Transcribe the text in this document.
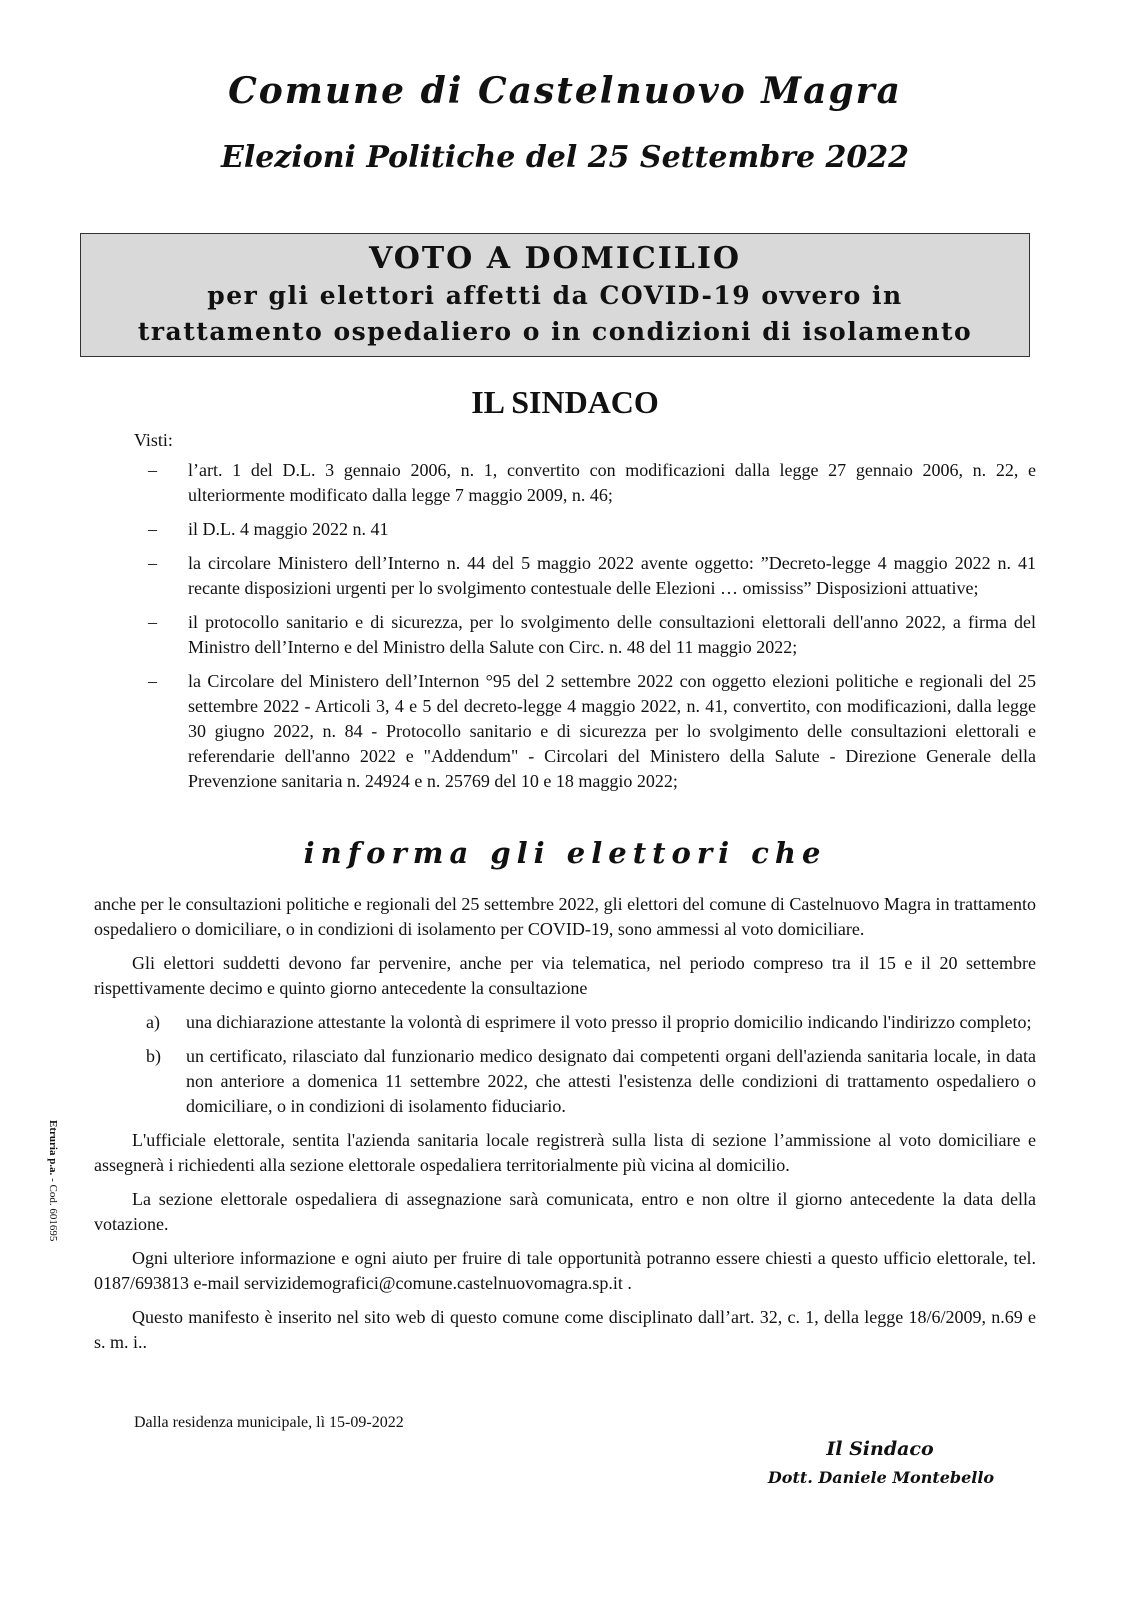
Comune di Castelnuovo Magra
Elezioni Politiche del 25 Settembre 2022
VOTO A DOMICILIO
per gli elettori affetti da COVID-19 ovvero in
trattamento ospedaliero o in condizioni di isolamento
IL SINDACO
Visti:
– l’art. 1 del D.L. 3 gennaio 2006, n. 1, convertito con modificazioni dalla legge 27 gennaio 2006, n. 22, e ulteriormente modificato dalla legge 7 maggio 2009, n. 46;
– il D.L. 4 maggio 2022 n. 41
– la circolare Ministero dell’Interno n. 44 del 5 maggio 2022 avente oggetto: ”Decreto-legge 4 maggio 2022 n. 41 recante disposizioni urgenti per lo svolgimento contestuale delle Elezioni … omississ” Disposizioni attuative;
– il protocollo sanitario e di sicurezza, per lo svolgimento delle consultazioni elettorali dell'anno 2022, a firma del Ministro dell’Interno e del Ministro della Salute con Circ. n. 48 del 11 maggio 2022;
– la Circolare del Ministero dell’Internon °95 del 2 settembre 2022 con oggetto elezioni politiche e regionali del 25 settembre 2022 - Articoli 3, 4 e 5 del decreto-legge 4 maggio 2022, n. 41, convertito, con modificazioni, dalla legge 30 giugno 2022, n. 84 - Protocollo sanitario e di sicurezza per lo svolgimento delle consultazioni elettorali e referendarie dell'anno 2022 e "Addendum" - Circolari del Ministero della Salute - Direzione Generale della Prevenzione sanitaria n. 24924 e n. 25769 del 10 e 18 maggio 2022;
informa gli elettori che

anche per le consultazioni politiche e regionali del 25 settembre 2022, gli elettori del comune di Castelnuovo Magra in trattamento ospedaliero o domiciliare, o in condizioni di isolamento per COVID-19, sono ammessi al voto domiciliare.

Gli elettori suddetti devono far pervenire, anche per via telematica, nel periodo compreso tra il 15 e il 20 settembre rispettivamente decimo e quinto giorno antecedente la consultazione

a) una dichiarazione attestante la volontà di esprimere il voto presso il proprio domicilio indicando l'indirizzo completo;
b) un certificato, rilasciato dal funzionario medico designato dai competenti organi dell'azienda sanitaria locale, in data non anteriore a domenica 11 settembre 2022, che attesti l'esistenza delle condizioni di trattamento ospedaliero o domiciliare, o in condizioni di isolamento fiduciario.

L'ufficiale elettorale, sentita l'azienda sanitaria locale registrerà sulla lista di sezione l’ammissione al voto domiciliare e assegnerà i richiedenti alla sezione elettorale ospedaliera territorialmente più vicina al domicilio.

La sezione elettorale ospedaliera di assegnazione sarà comunicata, entro e non oltre il giorno antecedente la data della votazione.

Ogni ulteriore informazione e ogni aiuto per fruire di tale opportunità potranno essere chiesti a questo ufficio elettorale, tel. 0187/693813 e-mail servizidemografici@comune.castelnuovomagra.sp.it .

Questo manifesto è inserito nel sito web di questo comune come disciplinato dall’art. 32, c. 1, della legge 18/6/2009, n.69 e s. m. i..

Dalla residenza municipale, lì 15-09-2022
Il Sindaco
Dott. Daniele Montebello
Etruria p.a. - Cod. 601695
